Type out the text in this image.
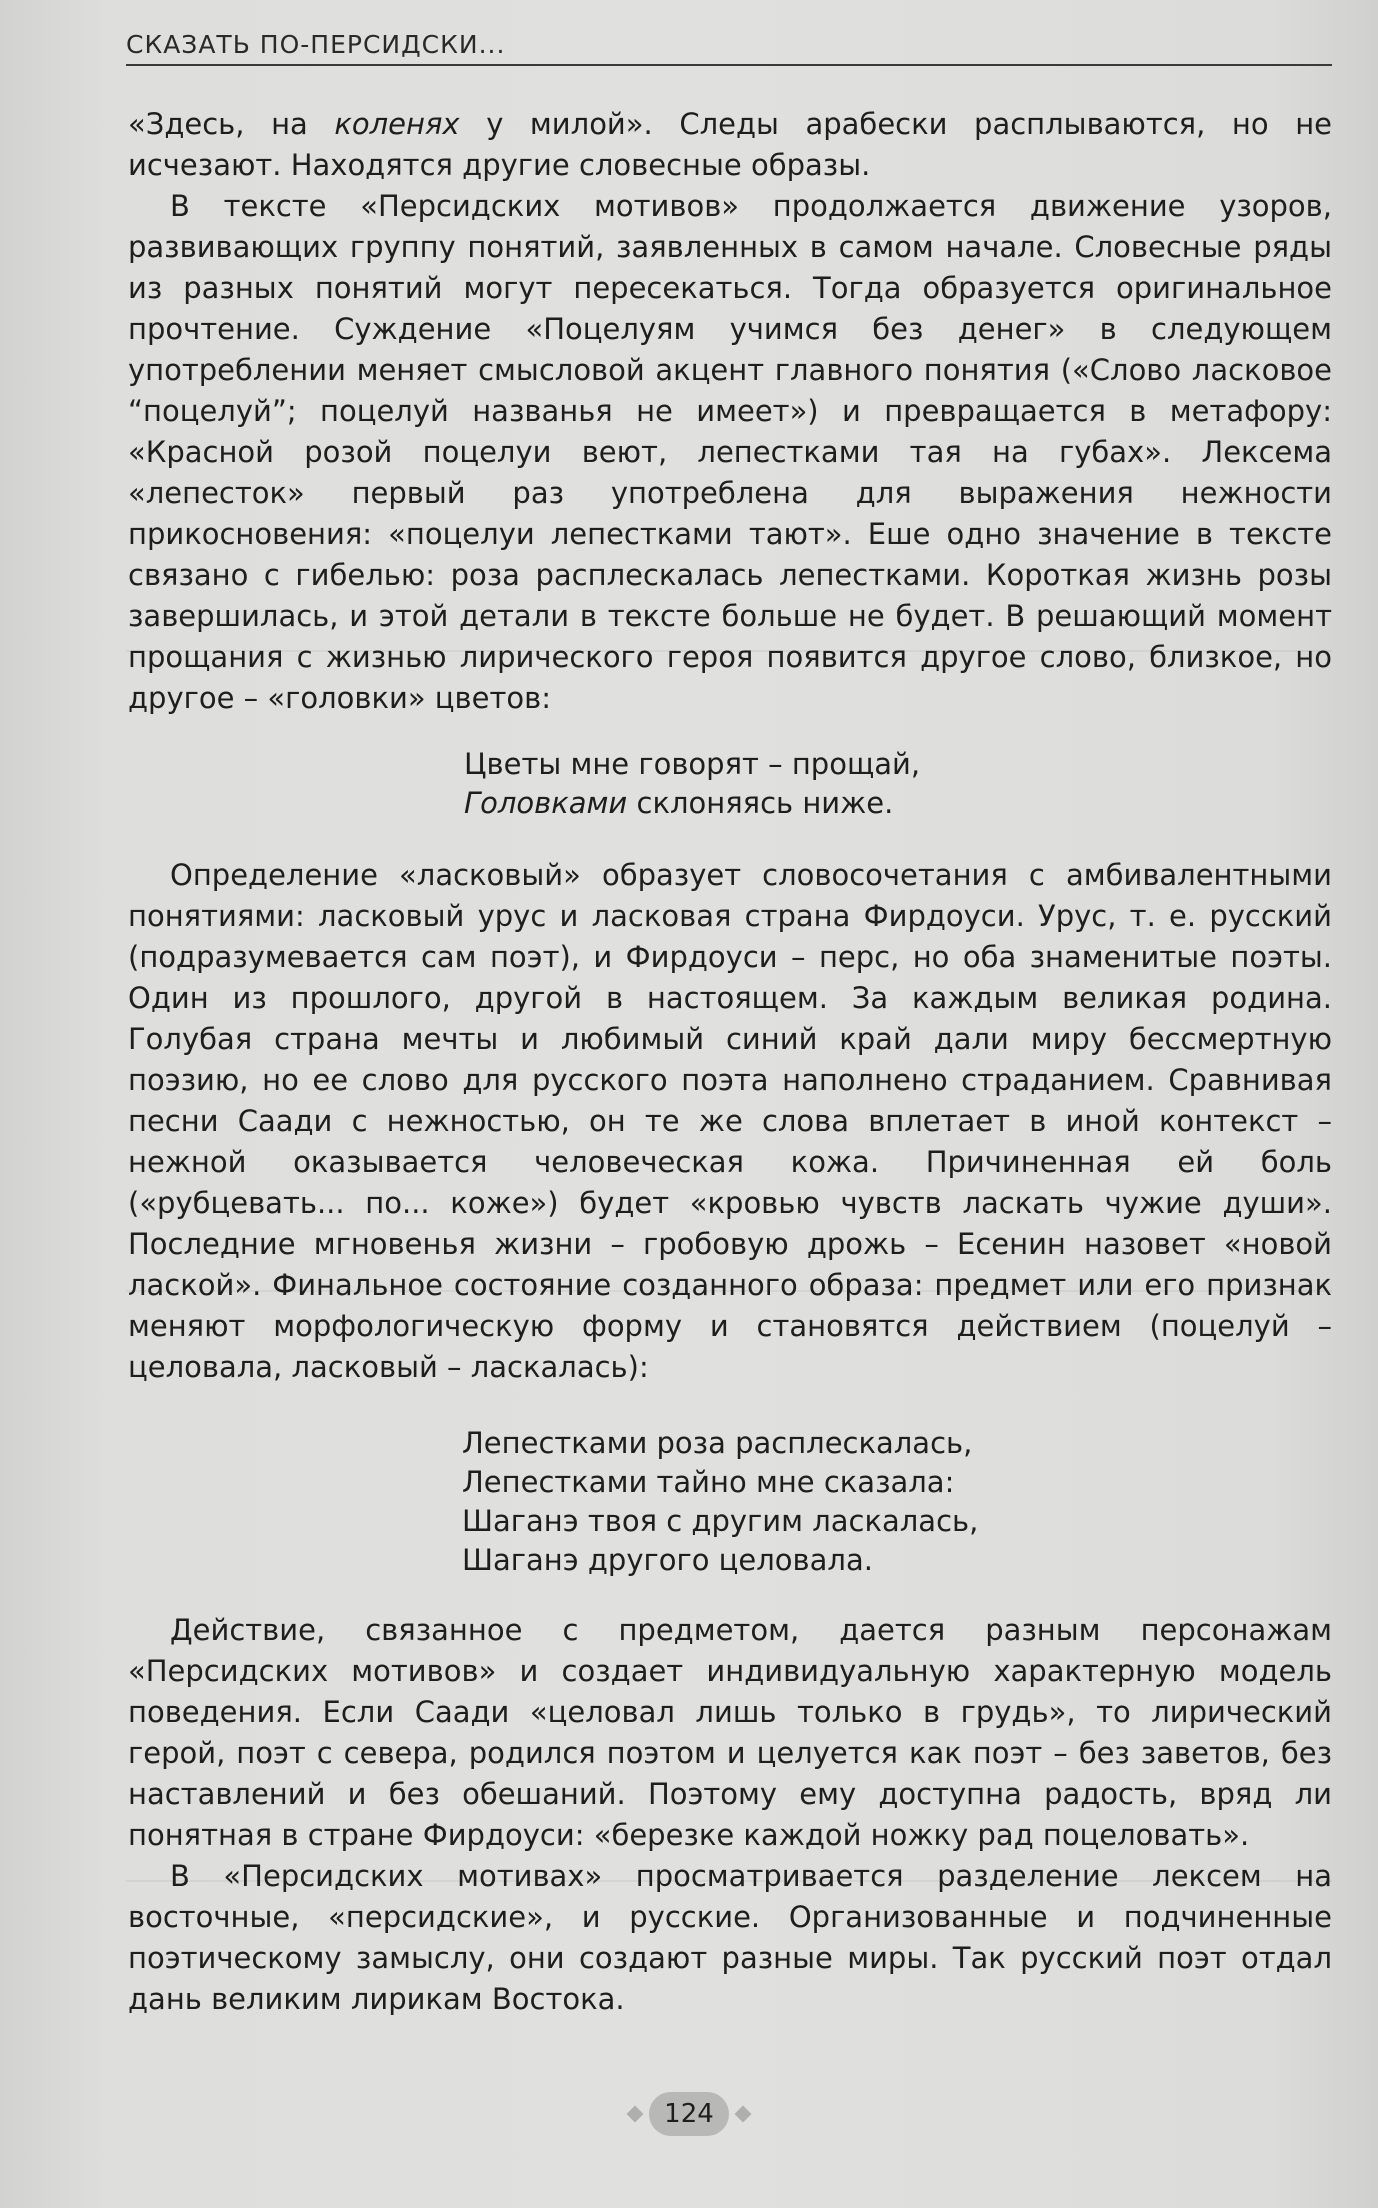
СКАЗАТЬ ПО-ПЕРСИДСКИ...

«Здесь, на коленях у милой». Следы арабески расплываются, но не исчезают. Находятся другие словесные образы.

В тексте «Персидских мотивов» продолжается движение узоров, развивающих группу понятий, заявленных в самом начале. Словесные ряды из разных понятий могут пересекаться. Тогда образуется оригинальное прочтение. Суждение «Поцелуям учимся без денег» в следующем употреблении меняет смысловой акцент главного понятия («Слово ласковое “поцелуй”; поцелуй названья не имеет») и превращается в метафору: «Красной розой поцелуи веют, лепестками тая на губах». Лексема «лепесток» первый раз употреблена для выражения нежности прикосновения: «поцелуи лепестками тают». Еше одно значение в тексте связано с гибелью: роза расплескалась лепестками. Короткая жизнь розы завершилась, и этой детали в тексте больше не будет. В решающий момент прощания с жизнью лирического героя появится другое слово, близкое, но другое – «головки» цветов:

Цветы мне говорят – прощай,
Головками склоняясь ниже.

Определение «ласковый» образует словосочетания с амбивалентными понятиями: ласковый урус и ласковая страна Фирдоуси. Урус, т. е. русский (подразумевается сам поэт), и Фирдоуси – перс, но оба знаменитые поэты. Один из прошлого, другой в настоящем. За каждым великая родина. Голубая страна мечты и любимый синий край дали миру бессмертную поэзию, но ее слово для русского поэта наполнено страданием. Сравнивая песни Саади с нежностью, он те же слова вплетает в иной контекст – нежной оказывается человеческая кожа. Причиненная ей боль («рубцевать... по... коже») будет «кровью чувств ласкать чужие души». Последние мгновенья жизни – гробовую дрожь – Есенин назовет «новой лаской». Финальное состояние созданного образа: предмет или его признак меняют морфологическую форму и становятся действием (поцелуй – целовала, ласковый – ласкалась):

Лепестками роза расплескалась,
Лепестками тайно мне сказала:
Шаганэ твоя с другим ласкалась,
Шаганэ другого целовала.

Действие, связанное с предметом, дается разным персонажам «Персидских мотивов» и создает индивидуальную характерную модель поведения. Если Саади «целовал лишь только в грудь», то лирический герой, поэт с севера, родился поэтом и целуется как поэт – без заветов, без наставлений и без обешаний. Поэтому ему доступна радость, вряд ли понятная в стране Фирдоуси: «березке каждой ножку рад поцеловать».

В «Персидских мотивах» просматривается разделение лексем на восточные, «персидские», и русские. Организованные и подчиненные поэтическому замыслу, они создают разные миры. Так русский поэт отдал дань великим лирикам Востока.

124
